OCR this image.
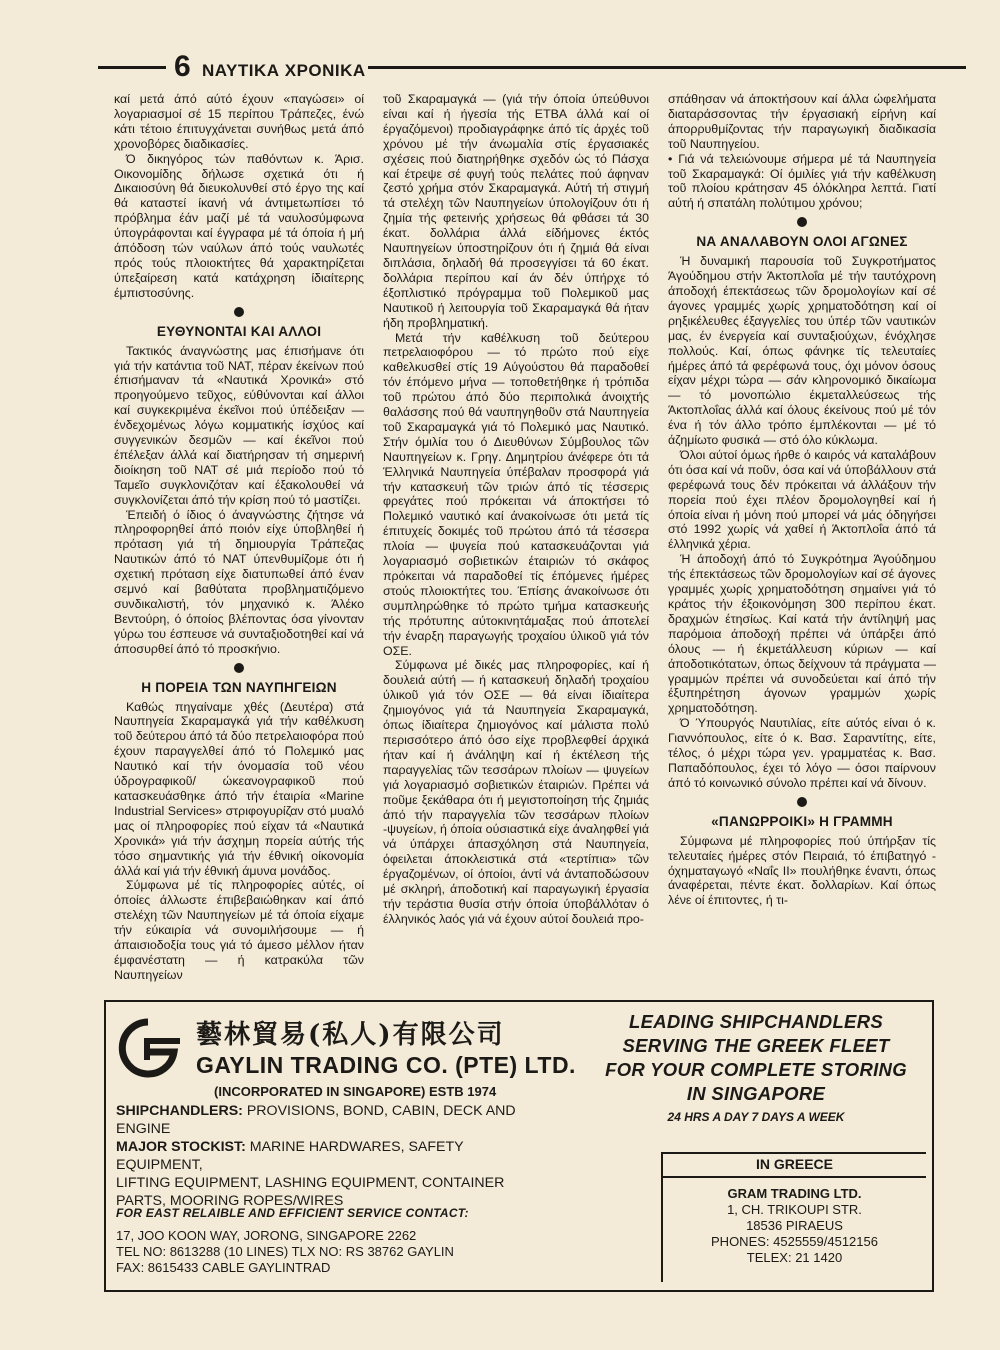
6 ΝΑΥΤΙΚΑ ΧΡΟΝΙΚΑ

καί μετά άπό αύτό έχουν «παγώσει» οί λογαριασμοί σέ 15 περίπου Τράπεζες, ένώ κάτι τέτοιο έπιτυγχάνεται συνήθως μετά άπό χρονοβόρες διαδικασίες.

Ό δικηγόρος τών παθόντων κ. Άρισ. Οικονομίδης δήλωσε σχετικά ότι ή Δικαιοσύνη θά διευκολυνθεί στό έργο της καί θά καταστεί ίκανή νά άντιμετωπίσει τό πρόβλημα έάν μαζί μέ τά ναυλοσύμφωνα ύπογράφονται καί έγγραφα μέ τά όποία ή μή άπόδοση τών ναύλων άπό τούς ναυλωτές πρός τούς πλοιοκτήτες θά χαρακτηρίζεται ύπεξαίρεση κατά κατάχρηση ίδιαίτερης έμπιστοσύνης.

ΕΥΘΥΝΟΝΤΑΙ ΚΑΙ ΑΛΛΟΙ

Τακτικός άναγνώστης μας έπισήμανε ότι γιά τήν κατάντια τοῦ ΝΑΤ, πέραν έκείνων πού έπισήμαναν τά «Ναυτικά Χρονικά» στό προηγούμενο τεῦχος, εύθύνονται καί άλλοι καί συγκεκριμένα έκεῖνοι πού ύπέδειξαν — ένδεχομένως λόγω κομματικής ίσχύος καί συγγενικών δεσμῶν — καί έκεῖνοι πού έπέλεξαν άλλά καί διατήρησαν τή σημερινή διοίκηση τοῦ ΝΑΤ σέ μιά περίοδο πού τό Ταμεῖο συγκλονιζόταν καί έξακολουθεί νά συγκλονίζεται άπό τήν κρίση πού τό μαστίζει.

Έπειδή ό ίδιος ό άναγνώστης ζήτησε νά πληροφορηθεί άπό ποιόν είχε ύποβληθεί ή πρόταση γιά τή δημιουργία Τράπεζας Ναυτικών άπό τό ΝΑΤ ύπενθυμίζομε ότι ή σχετική πρόταση είχε διατυπωθεί άπό έναν σεμνό καί βαθύτατα προβληματιζόμενο συνδικαλιστή, τόν μηχανικό κ. Άλέκο Βεντούρη, ό όποίος βλέποντας όσα γίνονταν γύρω του έσπευσε νά συνταξιοδοτηθεί καί νά άποσυρθεί άπό τό προσκήνιο.

Η ΠΟΡΕΙΑ ΤΩΝ ΝΑΥΠΗΓΕΙΩΝ

Καθώς πηγαίναμε χθές (Δευτέρα) στά Ναυπηγεία Σκαραμαγκά γιά τήν καθέλκυση τοῦ δεύτερου άπό τά δύο πετρελαιοφόρα πού έχουν παραγγελθεί άπό τό Πολεμικό μας Ναυτικό καί τήν όνομασία τοῦ νέου ύδρογραφικοῦ/ ώκεανογραφικοῦ πού κατασκευάσθηκε άπό τήν έταιρία «Marine Industrial Services» στριφογυρίζαν στό μυαλό μας οί πληροφορίες πού είχαν τά «Ναυτικά Χρονικά» γιά τήν άσχημη πορεία αύτής τής τόσο σημαντικής γιά τήν έθνική οίκονομία άλλά καί γιά τήν έθνική άμυνα μονάδος.

Σύμφωνα μέ τίς πληροφορίες αύτές, οί όποίες άλλωστε έπιβεβαιώθηκαν καί άπό στελέχη τῶν Ναυπηγείων μέ τά όποία είχαμε τήν εύκαιρία νά συνομιλήσουμε — ή άπαισιοδοξία τους γιά τό άμεσο μέλλον ήταν έμφανέστατη — ή κατρακύλα τῶν Ναυπηγείων

τοῦ Σκαραμαγκά — (γιά τήν όποία ύπεύθυνοι είναι καί ή ήγεσία τής ΕΤΒΑ άλλά καί οί έργαζόμενοι) προδιαγράφηκε άπό τίς άρχές τοῦ χρόνου μέ τήν άνωμαλία στίς έργασιακές σχέσεις πού διατηρήθηκε σχεδόν ώς τό Πάσχα καί έτρεψε σέ φυγή τούς πελάτες πού άφηναν ζεστό χρήμα στόν Σκαραμαγκά. Αύτή τή στιγμή τά στελέχη τῶν Ναυπηγείων ύπολογίζουν ότι ή ζημία τής φετεινής χρήσεως θά φθάσει τά 30 έκατ. δολλάρια άλλά είδήμονες έκτός Ναυπηγείων ύποστηρίζουν ότι ή ζημιά θά είναι διπλάσια, δηλαδή θά προσεγγίσει τά 60 έκατ. δολλάρια περίπου καί άν δέν ύπήρχε τό έξοπλιστικό πρόγραμμα τοῦ Πολεμικοῦ μας Ναυτικοῦ ή λειτουργία τοῦ Σκαραμαγκά θά ήταν ήδη προβληματική.

Μετά τήν καθέλκυση τοῦ δεύτερου πετρελαιοφόρου — τό πρώτο πού είχε καθελκυσθεί στίς 19 Αύγούστου θά παραδοθεί τόν έπόμενο μήνα — τοποθετήθηκε ή τρόπιδα τοῦ πρώτου άπό δύο περιπολικά άνοιχτής θαλάσσης πού θά ναυπηγηθοῦν στά Ναυπηγεία τοῦ Σκαραμαγκά γιά τό Πολεμικό μας Ναυτικό. Στήν όμιλία του ό Διευθύνων Σύμβουλος τῶν Ναυπηγείων κ. Γρηγ. Δημητρίου άνέφερε ότι τά Έλληνικά Ναυπηγεία ύπέβαλαν προσφορά γιά τήν κατασκευή τῶν τριών άπό τίς τέσσερις φρεγάτες πού πρόκειται νά άποκτήσει τό Πολεμικό ναυτικό καί άνακοίνωσε ότι μετά τίς έπιτυχείς δοκιμές τοῦ πρώτου άπό τά τέσσερα πλοία — ψυγεία πού κατασκευάζονται γιά λογαριασμό σοβιετικών έταιριών τό σκάφος πρόκειται νά παραδοθεί τίς έπόμενες ήμέρες στούς πλοιοκτήτες του. Έπίσης άνακοίνωσε ότι συμπληρώθηκε τό πρώτο τμήμα κατασκευής τής πρότυπης αύτοκινητάμαξας πού άποτελεί τήν έναρξη παραγωγής τροχαίου ύλικοῦ γιά τόν ΟΣΕ.

Σύμφωνα μέ δικές μας πληροφορίες, καί ή δουλειά αύτή — ή κατασκευή δηλαδή τροχαίου ύλικοῦ γιά τόν ΟΣΕ — θά είναι ίδιαίτερα ζημιογόνος γιά τά Ναυπηγεία Σκαραμαγκά, όπως ίδιαίτερα ζημιογόνος καί μάλιστα πολύ περισσότερο άπό όσο είχε προβλεφθεί άρχικά ήταν καί ή άνάληψη καί ή έκτέλεση τής παραγγελίας τῶν τεσσάρων πλοίων — ψυγείων γιά λογαριασμό σοβιετικών έταιριών. Πρέπει νά ποῦμε ξεκάθαρα ότι ή μεγιστοποίηση τής ζημιάς άπό τήν παραγγελία τῶν τεσσάρων πλοίων -ψυγείων, ή όποία ούσιαστικά είχε άναληφθεί γιά νά ύπάρχει άπασχόληση στά Ναυπηγεία, όφειλεται άποκλειστικά στά «τερτίπια» τῶν έργαζομένων, οί όποίοι, άντί νά άνταποδώσουν μέ σκληρή, άποδοτική καί παραγωγική έργασία τήν τεράστια θυσία στήν όποία ύποβάλλόταν ό έλληνικός λαός γιά νά έχουν αύτοί δουλειά προ-

σπάθησαν νά άποκτήσουν καί άλλα ώφελήματα διαταράσσοντας τήν έργασιακή είρήνη καί άπορρυθμίζοντας τήν παραγωγική διαδικασία τοῦ Ναυπηγείου.

• Γιά νά τελειώνουμε σήμερα μέ τά Ναυπηγεία τοῦ Σκαραμαγκά: Οί όμιλίες γιά τήν καθέλκυση τοῦ πλοίου κράτησαν 45 όλόκληρα λεπτά. Γιατί αύτή ή σπατάλη πολύτιμου χρόνου;

ΝΑ ΑΝΑΛΑΒΟΥΝ ΟΛΟΙ ΑΓΩΝΕΣ

Ή δυναμική παρουσία τοῦ Συγκροτήματος Άγούδημου στήν Άκτοπλοΐα μέ τήν ταυτόχρονη άποδοχή έπεκτάσεως τῶν δρομολογίων καί σέ άγονες γραμμές χωρίς χρηματοδότηση καί οί ρηξικέλευθες έξαγγελίες του ύπέρ τῶν ναυτικών μας, έν ένεργεία καί συνταξιούχων, ένόχλησε πολλούς. Καί, όπως φάνηκε τίς τελευταίες ήμέρες άπό τά φερέφωνά τους, όχι μόνον όσους είχαν μέχρι τώρα — σάν κληρονομικό δικαίωμα — τό μονοπώλιο έκμεταλλεύσεως τής Άκτοπλοΐας άλλά καί όλους έκείνους πού μέ τόν ένα ή τόν άλλο τρόπο έμπλέκονται — μέ τό άζημίωτο φυσικά — στό όλο κύκλωμα.

Όλοι αύτοί όμως ήρθε ό καιρός νά καταλάβουν ότι όσα καί νά ποῦν, όσα καί νά ύποβάλλουν στά φερέφωνά τους δέν πρόκειται νά άλλάξουν τήν πορεία πού έχει πλέον δρομολογηθεί καί ή όποία είναι ή μόνη πού μπορεί νά μάς όδηγήσει στό 1992 χωρίς νά χαθεί ή Άκτοπλοΐα άπό τά έλληνικά χέρια.

Ή άποδοχή άπό τό Συγκρότημα Άγούδημου τής έπεκτάσεως τῶν δρομολογίων καί σέ άγονες γραμμές χωρίς χρηματοδότηση σημαίνει γιά τό κράτος τήν έξοικονόμηση 300 περίπου έκατ. δραχμών έτησίως. Καί κατά τήν άντίληψή μας παρόμοια άποδοχή πρέπει νά ύπάρξει άπό όλους — ή έκμετάλλευση κύριων — καί άποδοτικότατων, όπως δείχνουν τά πράγματα — γραμμών πρέπει νά συνοδεύεται καί άπό τήν έξυπηρέτηση άγονων γραμμών χωρίς χρηματοδότηση.

Ό Ύπουργός Ναυτιλίας, είτε αύτός είναι ό κ. Γιαννόπουλος, είτε ό κ. Βασ. Σαραντίτης, είτε, τέλος, ό μέχρι τώρα γεν. γραμματέας κ. Βασ. Παπαδόπουλος, έχει τό λόγο — όσοι παίρνουν άπό τό κοινωνικό σύνολο πρέπει καί νά δίνουν.

«ΠΑΝΩΡΡΟΙΚΙ» Η ΓΡΑΜΜΗ

Σύμφωνα μέ πληροφορίες πού ύπήρξαν τίς τελευταίες ήμέρες στόν Πειραιά, τό έπιβατηγό - όχηματαγωγό «Ναΐς ΙΙ» πουλήθηκε έναντι, όπως άναφέρεται, πέντε έκατ. δολλαρίων. Καί όπως λένε οί έπιτοντες, ή τι-

藝林貿易(私人)有限公司
GAYLIN TRADING CO. (PTE) LTD.
(INCORPORATED IN SINGAPORE) ESTB 1974
SHIPCHANDLERS: PROVISIONS, BOND, CABIN, DECK AND
ENGINE
MAJOR STOCKIST: MARINE HARDWARES, SAFETY
EQUIPMENT,
LIFTING EQUIPMENT, LASHING EQUIPMENT, CONTAINER
PARTS, MOORING ROPES/WIRES
FOR EAST RELAIBLE AND EFFICIENT SERVICE CONTACT:
17, JOO KOON WAY, JORONG, SINGAPORE 2262
TEL NO: 8613288 (10 LINES) TLX NO: RS 38762 GAYLIN
FAX: 8615433 CABLE GAYLINTRAD
LEADING SHIPCHANDLERS
SERVING THE GREEK FLEET
FOR YOUR COMPLETE STORING
IN SINGAPORE
24 HRS A DAY 7 DAYS A WEEK
IN GREECE
GRAM TRADING LTD.
1, CH. TRIKOUPI STR.
18536 PIRAEUS
PHONES: 4525559/4512156
TELEX: 21 1420
